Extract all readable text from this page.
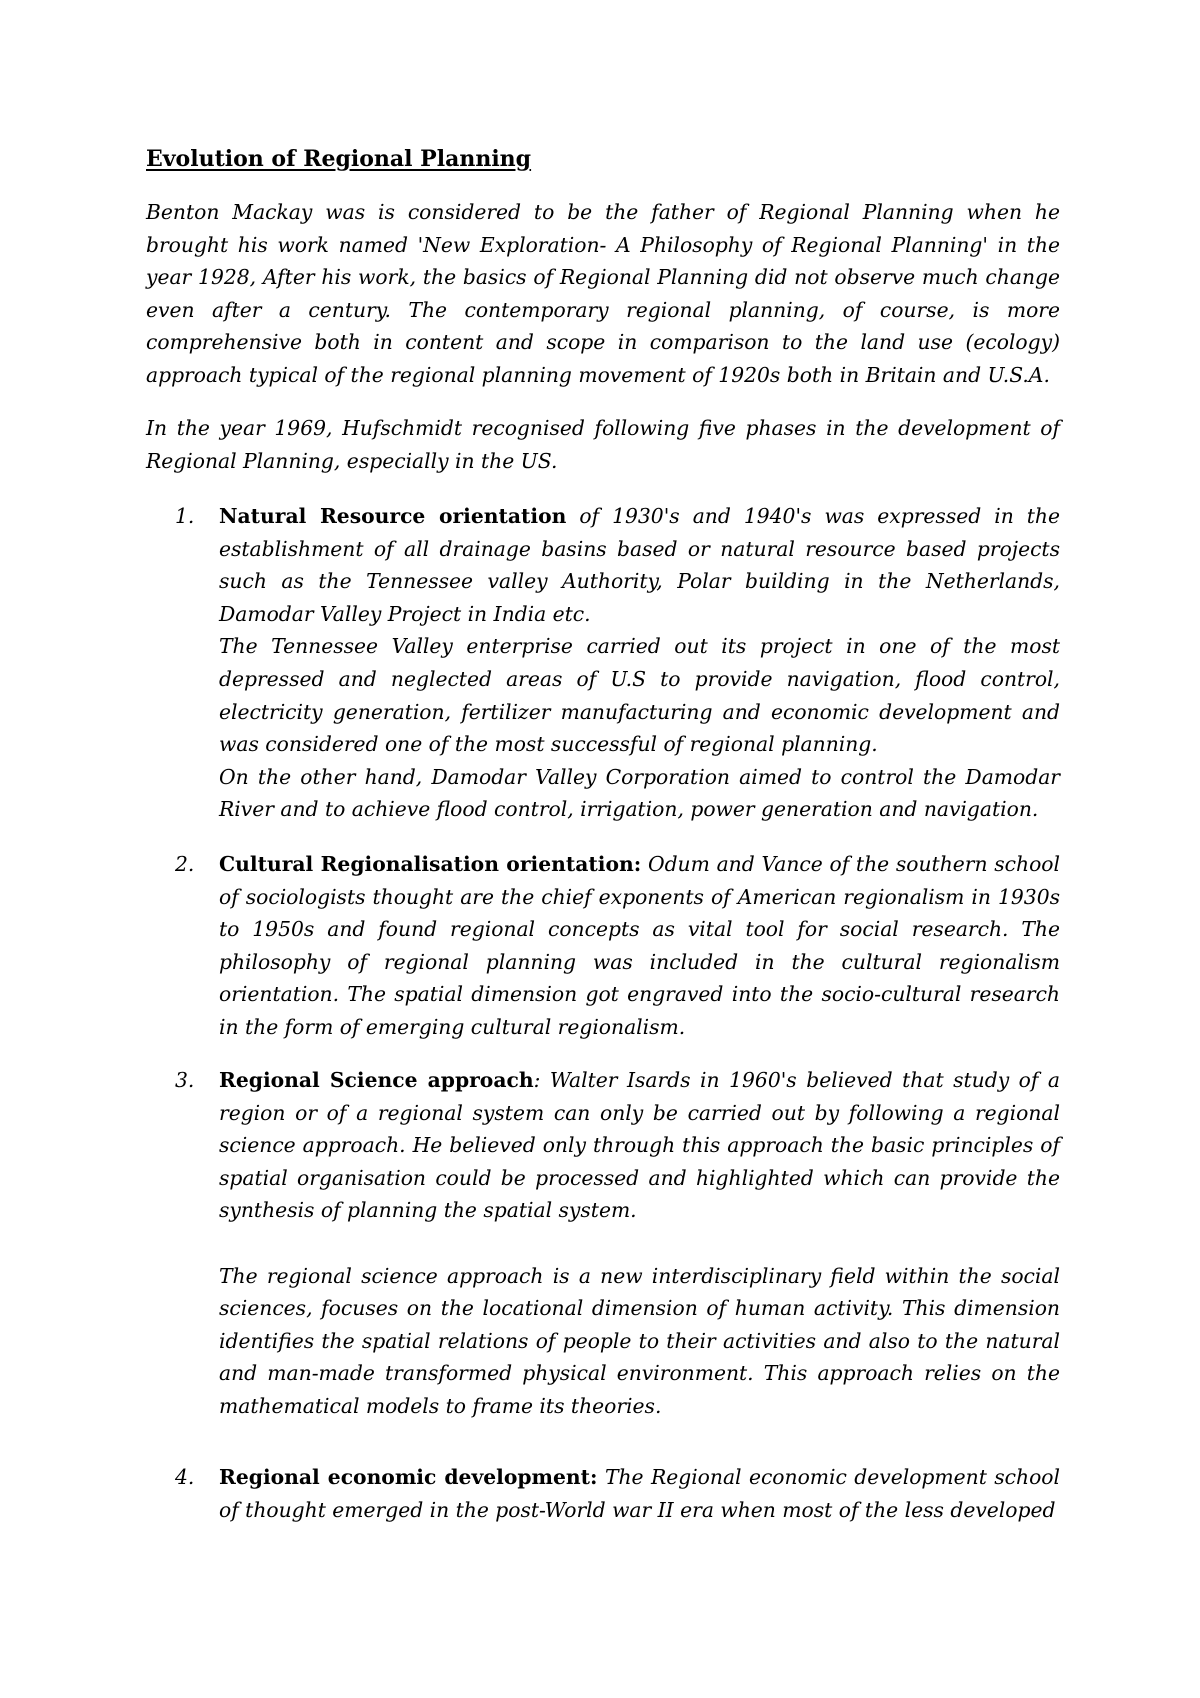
Evolution of Regional Planning

Benton Mackay was is considered to be the father of Regional Planning when he brought his work named 'New Exploration- A Philosophy of Regional Planning' in the year 1928, After his work, the basics of Regional Planning did not observe much change even after a century. The contemporary regional planning, of course, is more comprehensive both in content and scope in comparison to the land use (ecology) approach typical of the regional planning movement of 1920s both in Britain and U.S.A.

In the year 1969, Hufschmidt recognised following five phases in the development of Regional Planning, especially in the US.

1. Natural Resource orientation of 1930's and 1940's was expressed in the establishment of all drainage basins based or natural resource based projects such as the Tennessee valley Authority, Polar building in the Netherlands, Damodar Valley Project in India etc.

The Tennessee Valley enterprise carried out its project in one of the most depressed and neglected areas of U.S to provide navigation, flood control, electricity generation, fertilizer manufacturing and economic development and was considered one of the most successful of regional planning.

On the other hand, Damodar Valley Corporation aimed to control the Damodar River and to achieve flood control, irrigation, power generation and navigation.

2. Cultural Regionalisation orientation: Odum and Vance of the southern school of sociologists thought are the chief exponents of American regionalism in 1930s to 1950s and found regional concepts as vital tool for social research. The philosophy of regional planning was included in the cultural regionalism orientation. The spatial dimension got engraved into the socio-cultural research in the form of emerging cultural regionalism.

3. Regional Science approach: Walter Isards in 1960's believed that study of a region or of a regional system can only be carried out by following a regional science approach. He believed only through this approach the basic principles of spatial organisation could be processed and highlighted which can provide the synthesis of planning the spatial system.

The regional science approach is a new interdisciplinary field within the social sciences, focuses on the locational dimension of human activity. This dimension identifies the spatial relations of people to their activities and also to the natural and man-made transformed physical environment. This approach relies on the mathematical models to frame its theories.

4. Regional economic development: The Regional economic development school of thought emerged in the post-World war II era when most of the less developed
